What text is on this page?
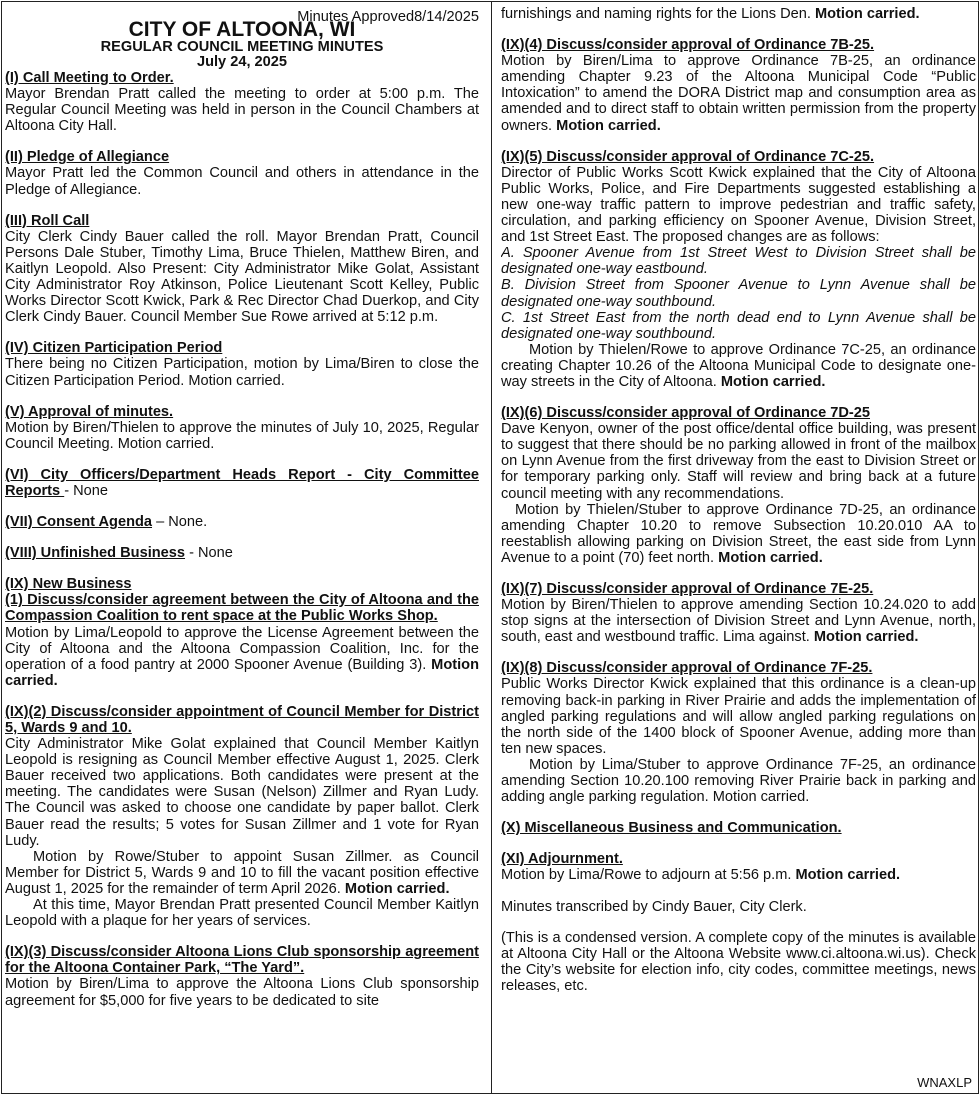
Minutes Approved8/14/2025
CITY OF ALTOONA, WI
REGULAR COUNCIL MEETING MINUTES
July 24, 2025
(I) Call Meeting to Order.

Mayor Brendan Pratt called the meeting to order at 5:00 p.m. The Regular Council Meeting was held in person in the Council Chambers at Altoona City Hall.

(II) Pledge of Allegiance

Mayor Pratt led the Common Council and others in attendance in the Pledge of Allegiance.

(III) Roll Call

City Clerk Cindy Bauer called the roll. Mayor Brendan Pratt, Council Persons Dale Stuber, Timothy Lima, Bruce Thielen, Matthew Biren, and Kaitlyn Leopold. Also Present: City Administrator Mike Golat, Assistant City Administrator Roy Atkinson, Police Lieutenant Scott Kelley, Public Works Director Scott Kwick, Park & Rec Director Chad Duerkop, and City Clerk Cindy Bauer. Council Member Sue Rowe arrived at 5:12 p.m.

(IV) Citizen Participation Period

There being no Citizen Participation, motion by Lima/Biren to close the Citizen Participation Period. Motion carried.

(V) Approval of minutes.

Motion by Biren/Thielen to approve the minutes of July 10, 2025, Regular Council Meeting. Motion carried.

(VI) City Officers/Department Heads Report - City Committee Reports - None
(VII) Consent Agenda – None.
(VIII) Unfinished Business - None
(IX) New Business
(1) Discuss/consider agreement between the City of Altoona and the Compassion Coalition to rent space at the Public Works Shop.

Motion by Lima/Leopold to approve the License Agreement between the City of Altoona and the Altoona Compassion Coalition, Inc. for the operation of a food pantry at 2000 Spooner Avenue (Building 3). Motion carried.

(IX)(2) Discuss/consider appointment of Council Member for District 5, Wards 9 and 10.

City Administrator Mike Golat explained that Council Member Kaitlyn Leopold is resigning as Council Member effective August 1, 2025. Clerk Bauer received two applications. Both candidates were present at the meeting. The candidates were Susan (Nelson) Zillmer and Ryan Ludy. The Council was asked to choose one candidate by paper ballot. Clerk Bauer read the results; 5 votes for Susan Zillmer and 1 vote for Ryan Ludy.

Motion by Rowe/Stuber to appoint Susan Zillmer. as Council Member for District 5, Wards 9 and 10 to fill the vacant position effective August 1, 2025 for the remainder of term April 2026. Motion carried.

At this time, Mayor Brendan Pratt presented Council Member Kaitlyn Leopold with a plaque for her years of services.

(IX)(3) Discuss/consider Altoona Lions Club sponsorship agreement for the Altoona Container Park, “The Yard”.

Motion by Biren/Lima to approve the Altoona Lions Club sponsorship agreement for $5,000 for five years to be dedicated to site

furnishings and naming rights for the Lions Den. Motion carried.

(IX)(4) Discuss/consider approval of Ordinance 7B-25.

Motion by Biren/Lima to approve Ordinance 7B-25, an ordinance amending Chapter 9.23 of the Altoona Municipal Code “Public Intoxication” to amend the DORA District map and consumption area as amended and to direct staff to obtain written permission from the property owners. Motion carried.

(IX)(5) Discuss/consider approval of Ordinance 7C-25.

Director of Public Works Scott Kwick explained that the City of Altoona Public Works, Police, and Fire Departments suggested establishing a new one-way traffic pattern to improve pedestrian and traffic safety, circulation, and parking efficiency on Spooner Avenue, Division Street, and 1st Street East. The proposed changes are as follows:

A. Spooner Avenue from 1st Street West to Division Street shall be designated one-way eastbound.

B. Division Street from Spooner Avenue to Lynn Avenue shall be designated one-way southbound.

C. 1st Street East from the north dead end to Lynn Avenue shall be designated one-way southbound.

Motion by Thielen/Rowe to approve Ordinance 7C-25, an ordinance creating Chapter 10.26 of the Altoona Municipal Code to designate one-way streets in the City of Altoona. Motion carried.

(IX)(6) Discuss/consider approval of Ordinance 7D-25

Dave Kenyon, owner of the post office/dental office building, was present to suggest that there should be no parking allowed in front of the mailbox on Lynn Avenue from the first driveway from the east to Division Street or for temporary parking only. Staff will review and bring back at a future council meeting with any recommendations.

Motion by Thielen/Stuber to approve Ordinance 7D-25, an ordinance amending Chapter 10.20 to remove Subsection 10.20.010 AA to reestablish allowing parking on Division Street, the east side from Lynn Avenue to a point (70) feet north. Motion carried.

(IX)(7) Discuss/consider approval of Ordinance 7E-25.

Motion by Biren/Thielen to approve amending Section 10.24.020 to add stop signs at the intersection of Division Street and Lynn Avenue, north, south, east and westbound traffic. Lima against. Motion carried.

(IX)(8) Discuss/consider approval of Ordinance 7F-25.

Public Works Director Kwick explained that this ordinance is a clean-up removing back-in parking in River Prairie and adds the implementation of angled parking regulations and will allow angled parking regulations on the north side of the 1400 block of Spooner Avenue, adding more than ten new spaces.

Motion by Lima/Stuber to approve Ordinance 7F-25, an ordinance amending Section 10.20.100 removing River Prairie back in parking and adding angle parking regulation. Motion carried.

(X) Miscellaneous Business and Communication.
(XI) Adjournment.

Motion by Lima/Rowe to adjourn at 5:56 p.m. Motion carried.

Minutes transcribed by Cindy Bauer, City Clerk.

(This is a condensed version. A complete copy of the minutes is available at Altoona City Hall or the Altoona Website www.ci.altoona.wi.us). Check the City’s website for election info, city codes, committee meetings, news releases, etc.

WNAXLP
